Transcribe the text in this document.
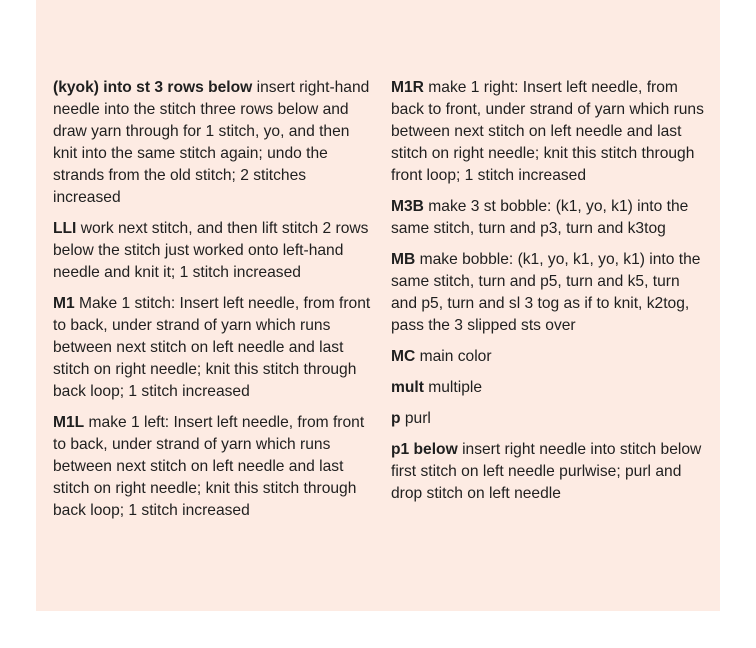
(kyok) into st 3 rows below insert right-hand needle into the stitch three rows below and draw yarn through for 1 stitch, yo, and then knit into the same stitch again; undo the strands from the old stitch; 2 stitches increased

LLI work next stitch, and then lift stitch 2 rows below the stitch just worked onto left-hand needle and knit it; 1 stitch increased

M1 Make 1 stitch: Insert left needle, from front to back, under strand of yarn which runs between next stitch on left needle and last stitch on right needle; knit this stitch through back loop; 1 stitch increased

M1L make 1 left: Insert left needle, from front to back, under strand of yarn which runs between next stitch on left needle and last stitch on right needle; knit this stitch through back loop; 1 stitch increased

M1R make 1 right: Insert left needle, from back to front, under strand of yarn which runs between next stitch on left needle and last stitch on right needle; knit this stitch through front loop; 1 stitch increased

M3B make 3 st bobble: (k1, yo, k1) into the same stitch, turn and p3, turn and k3tog

MB make bobble: (k1, yo, k1, yo, k1) into the same stitch, turn and p5, turn and k5, turn and p5, turn and sl 3 tog as if to knit, k2tog, pass the 3 slipped sts over

MC main color

mult multiple

p purl

p1 below insert right needle into stitch below first stitch on left needle purlwise; purl and drop stitch on left needle
